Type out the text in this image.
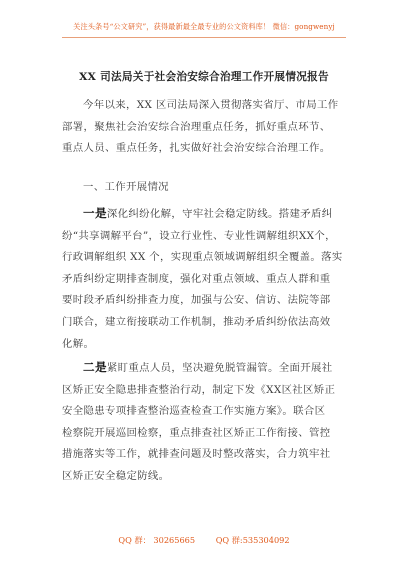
关注头条号“公文研究”，获得最新最全最专业的公文资料库！ 微信：gongwenyj
XX 司法局关于社会治安综合治理工作开展情况报告
今年以来，XX 区司法局深入贯彻落实省厅、市局工作
部署，聚焦社会治安综合治理重点任务，抓好重点环节、
重点人员、重点任务，扎实做好社会治安综合治理工作。
一、工作开展情况
一是深化纠纷化解，守牢社会稳定防线。搭建矛盾纠
纷“共享调解平台”，设立行业性、专业性调解组织XX个，
行政调解组织 XX 个，实现重点领域调解组织全覆盖。落实
矛盾纠纷定期排查制度，强化对重点领域、重点人群和重
要时段矛盾纠纷排查力度，加强与公安、信访、法院等部
门联合，建立衔接联动工作机制，推动矛盾纠纷依法高效
化解。
二是紧盯重点人员，坚决避免脱管漏管。全面开展社
区矫正安全隐患排查整治行动，制定下发《XX区社区矫正
安全隐患专项排查整治巡查检查工作实施方案》。联合区
检察院开展巡回检察，重点排查社区矫正工作衔接、管控
措施落实等工作，就排查问题及时整改落实，合力筑牢社
区矫正安全稳定防线。
QQ 群： 30265665	QQ 群:535304092
